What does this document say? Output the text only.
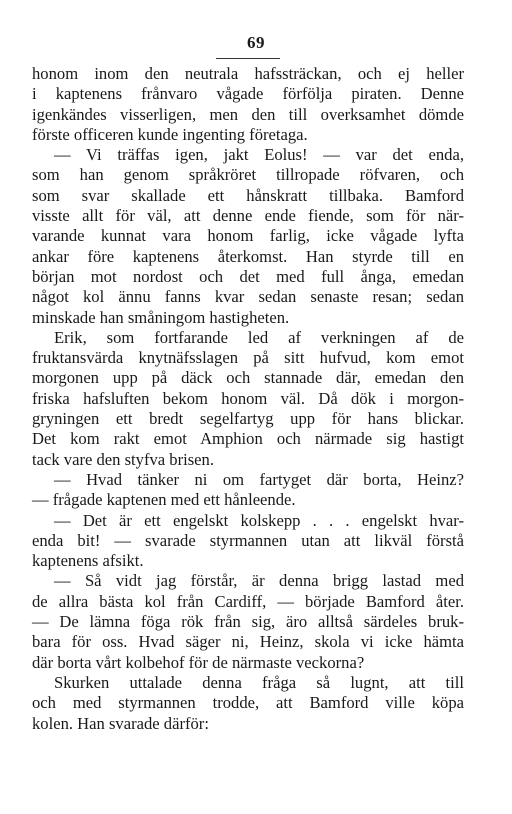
69
honom inom den neutrala hafssträckan, och ej heller
i kaptenens frånvaro vågade förfölja piraten. Denne
igenkändes visserligen, men den till overksamhet dömde
förste officeren kunde ingenting företaga.
— Vi träffas igen, jakt Eolus! — var det enda,
som han genom språkröret tillropade röfvaren, och
som svar skallade ett hånskratt tillbaka. Bamford
visste allt för väl, att denne ende fiende, som för när-
varande kunnat vara honom farlig, icke vågade lyfta
ankar före kaptenens återkomst. Han styrde till en
början mot nordost och det med full ånga, emedan
något kol ännu fanns kvar sedan senaste resan; sedan
minskade han småningom hastigheten.
Erik, som fortfarande led af verkningen af de
fruktansvärda knytnäfsslagen på sitt hufvud, kom emot
morgonen upp på däck och stannade där, emedan den
friska hafsluften bekom honom väl. Då dök i morgon-
gryningen ett bredt segelfartyg upp för hans blickar.
Det kom rakt emot Amphion och närmade sig hastigt
tack vare den styfva brisen.
— Hvad tänker ni om fartyget där borta, Heinz?
— frågade kaptenen med ett hånleende.
— Det är ett engelskt kolskepp . . . engelskt hvar-
enda bit! — svarade styrmannen utan att likväl förstå
kaptenens afsikt.
— Så vidt jag förstår, är denna brigg lastad med
de allra bästa kol från Cardiff, — började Bamford åter.
— De lämna föga rök från sig, äro alltså särdeles bruk-
bara för oss. Hvad säger ni, Heinz, skola vi icke hämta
där borta vårt kolbehof för de närmaste veckorna?
Skurken uttalade denna fråga så lugnt, att till
och med styrmannen trodde, att Bamford ville köpa
kolen. Han svarade därför:
